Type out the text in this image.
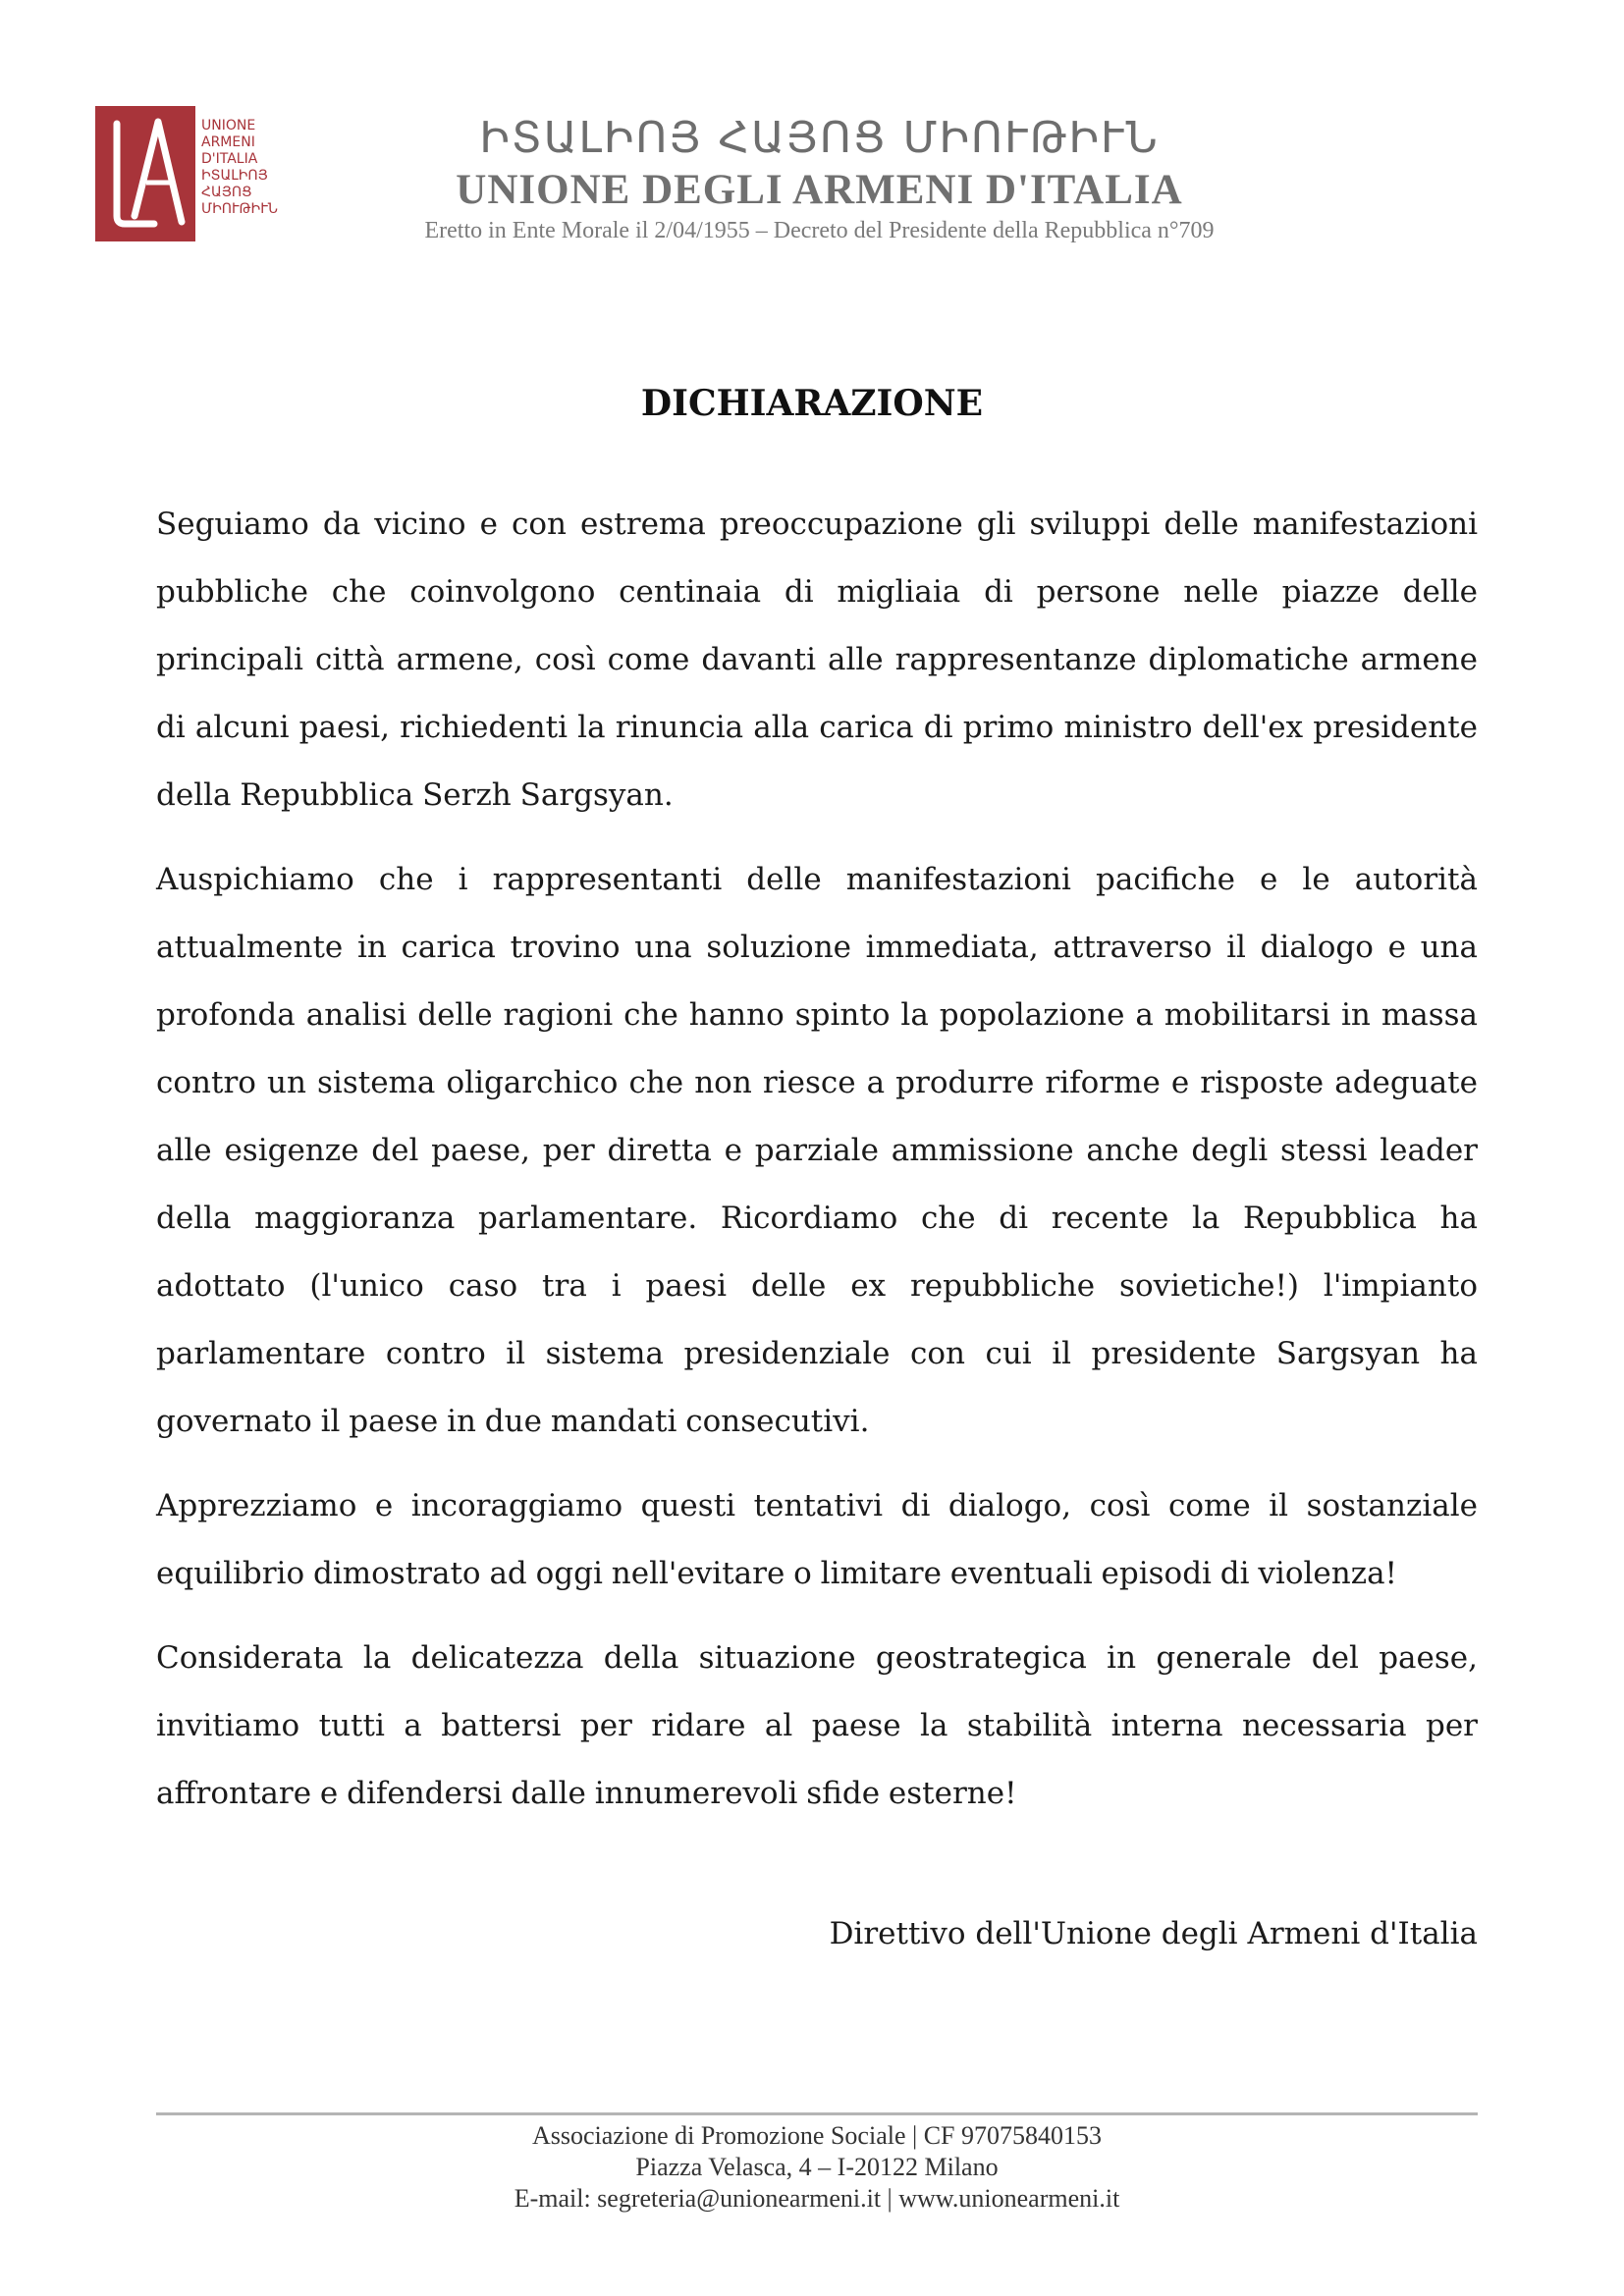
UNIONE
ARMENI
D'ITALIA
ԻՏԱԼԻՈՅ
ՀԱՅՈՑ
ՄԻՈՒԹԻՒՆ
ԻՏԱԼԻՈՅ ՀԱՅՈՑ ՄԻՈՒԹԻՒՆ
UNIONE DEGLI ARMENI D'ITALIA
Eretto in Ente Morale il 2/04/1955 – Decreto del Presidente della Repubblica n°709
DICHIARAZIONE

Seguiamo da vicino e con estrema preoccupazione gli sviluppi delle manifestazioni pubbliche che coinvolgono centinaia di migliaia di persone nelle piazze delle principali città armene, così come davanti alle rappresentanze diplomatiche armene di alcuni paesi, richiedenti la rinuncia alla carica di primo ministro dell'ex presidente della Repubblica Serzh Sargsyan.

Auspichiamo che i rappresentanti delle manifestazioni pacifiche e le autorità attualmente in carica trovino una soluzione immediata, attraverso il dialogo e una profonda analisi delle ragioni che hanno spinto la popolazione a mobilitarsi in massa contro un sistema oligarchico che non riesce a produrre riforme e risposte adeguate alle esigenze del paese, per diretta e parziale ammissione anche degli stessi leader della maggioranza parlamentare. Ricordiamo che di recente la Repubblica ha adottato (l'unico caso tra i paesi delle ex repubbliche sovietiche!) l'impianto parlamentare contro il sistema presidenziale con cui il presidente Sargsyan ha governato il paese in due mandati consecutivi.

Apprezziamo e incoraggiamo questi tentativi di dialogo, così come il sostanziale equilibrio dimostrato ad oggi nell'evitare o limitare eventuali episodi di violenza!

Considerata la delicatezza della situazione geostrategica in generale del paese, invitiamo tutti a battersi per ridare al paese la stabilità interna necessaria per affrontare e difendersi dalle innumerevoli sfide esterne!

Direttivo dell'Unione degli Armeni d'Italia
Associazione di Promozione Sociale | CF 97075840153
Piazza Velasca, 4 – I-20122 Milano
E-mail: segreteria@unionearmeni.it | www.unionearmeni.it
